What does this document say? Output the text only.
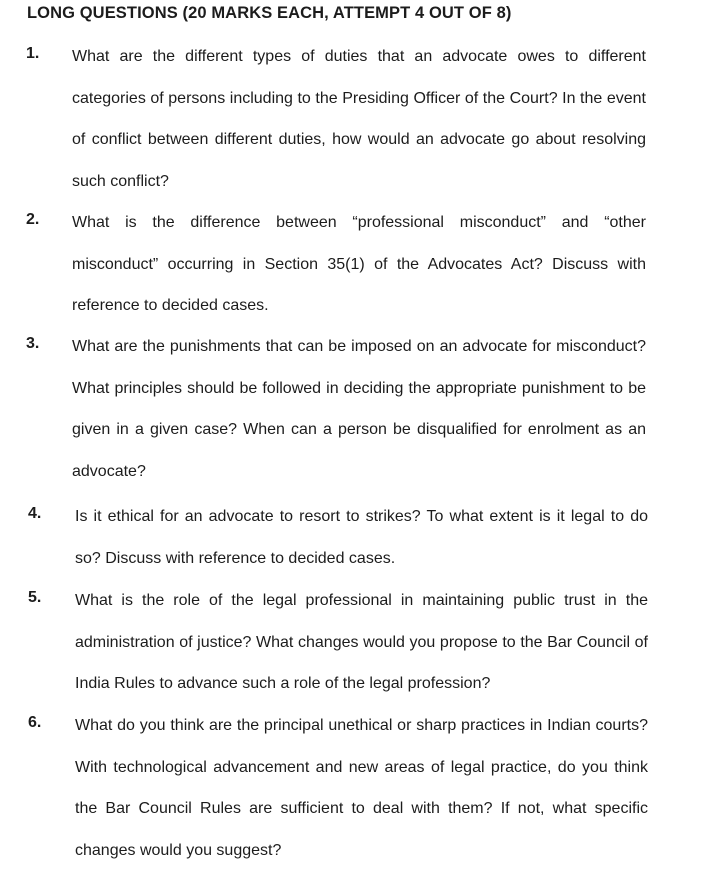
LONG QUESTIONS (20 MARKS EACH, ATTEMPT 4 OUT OF 8)
1. What are the different types of duties that an advocate owes to different categories of persons including to the Presiding Officer of the Court? In the event of conflict between different duties, how would an advocate go about resolving such conflict?
2. What is the difference between “professional misconduct” and “other misconduct” occurring in Section 35(1) of the Advocates Act? Discuss with reference to decided cases.
3. What are the punishments that can be imposed on an advocate for misconduct? What principles should be followed in deciding the appropriate punishment to be given in a given case? When can a person be disqualified for enrolment as an advocate?
4. Is it ethical for an advocate to resort to strikes? To what extent is it legal to do so? Discuss with reference to decided cases.
5. What is the role of the legal professional in maintaining public trust in the administration of justice? What changes would you propose to the Bar Council of India Rules to advance such a role of the legal profession?
6. What do you think are the principal unethical or sharp practices in Indian courts? With technological advancement and new areas of legal practice, do you think the Bar Council Rules are sufficient to deal with them? If not, what specific changes would you suggest?
